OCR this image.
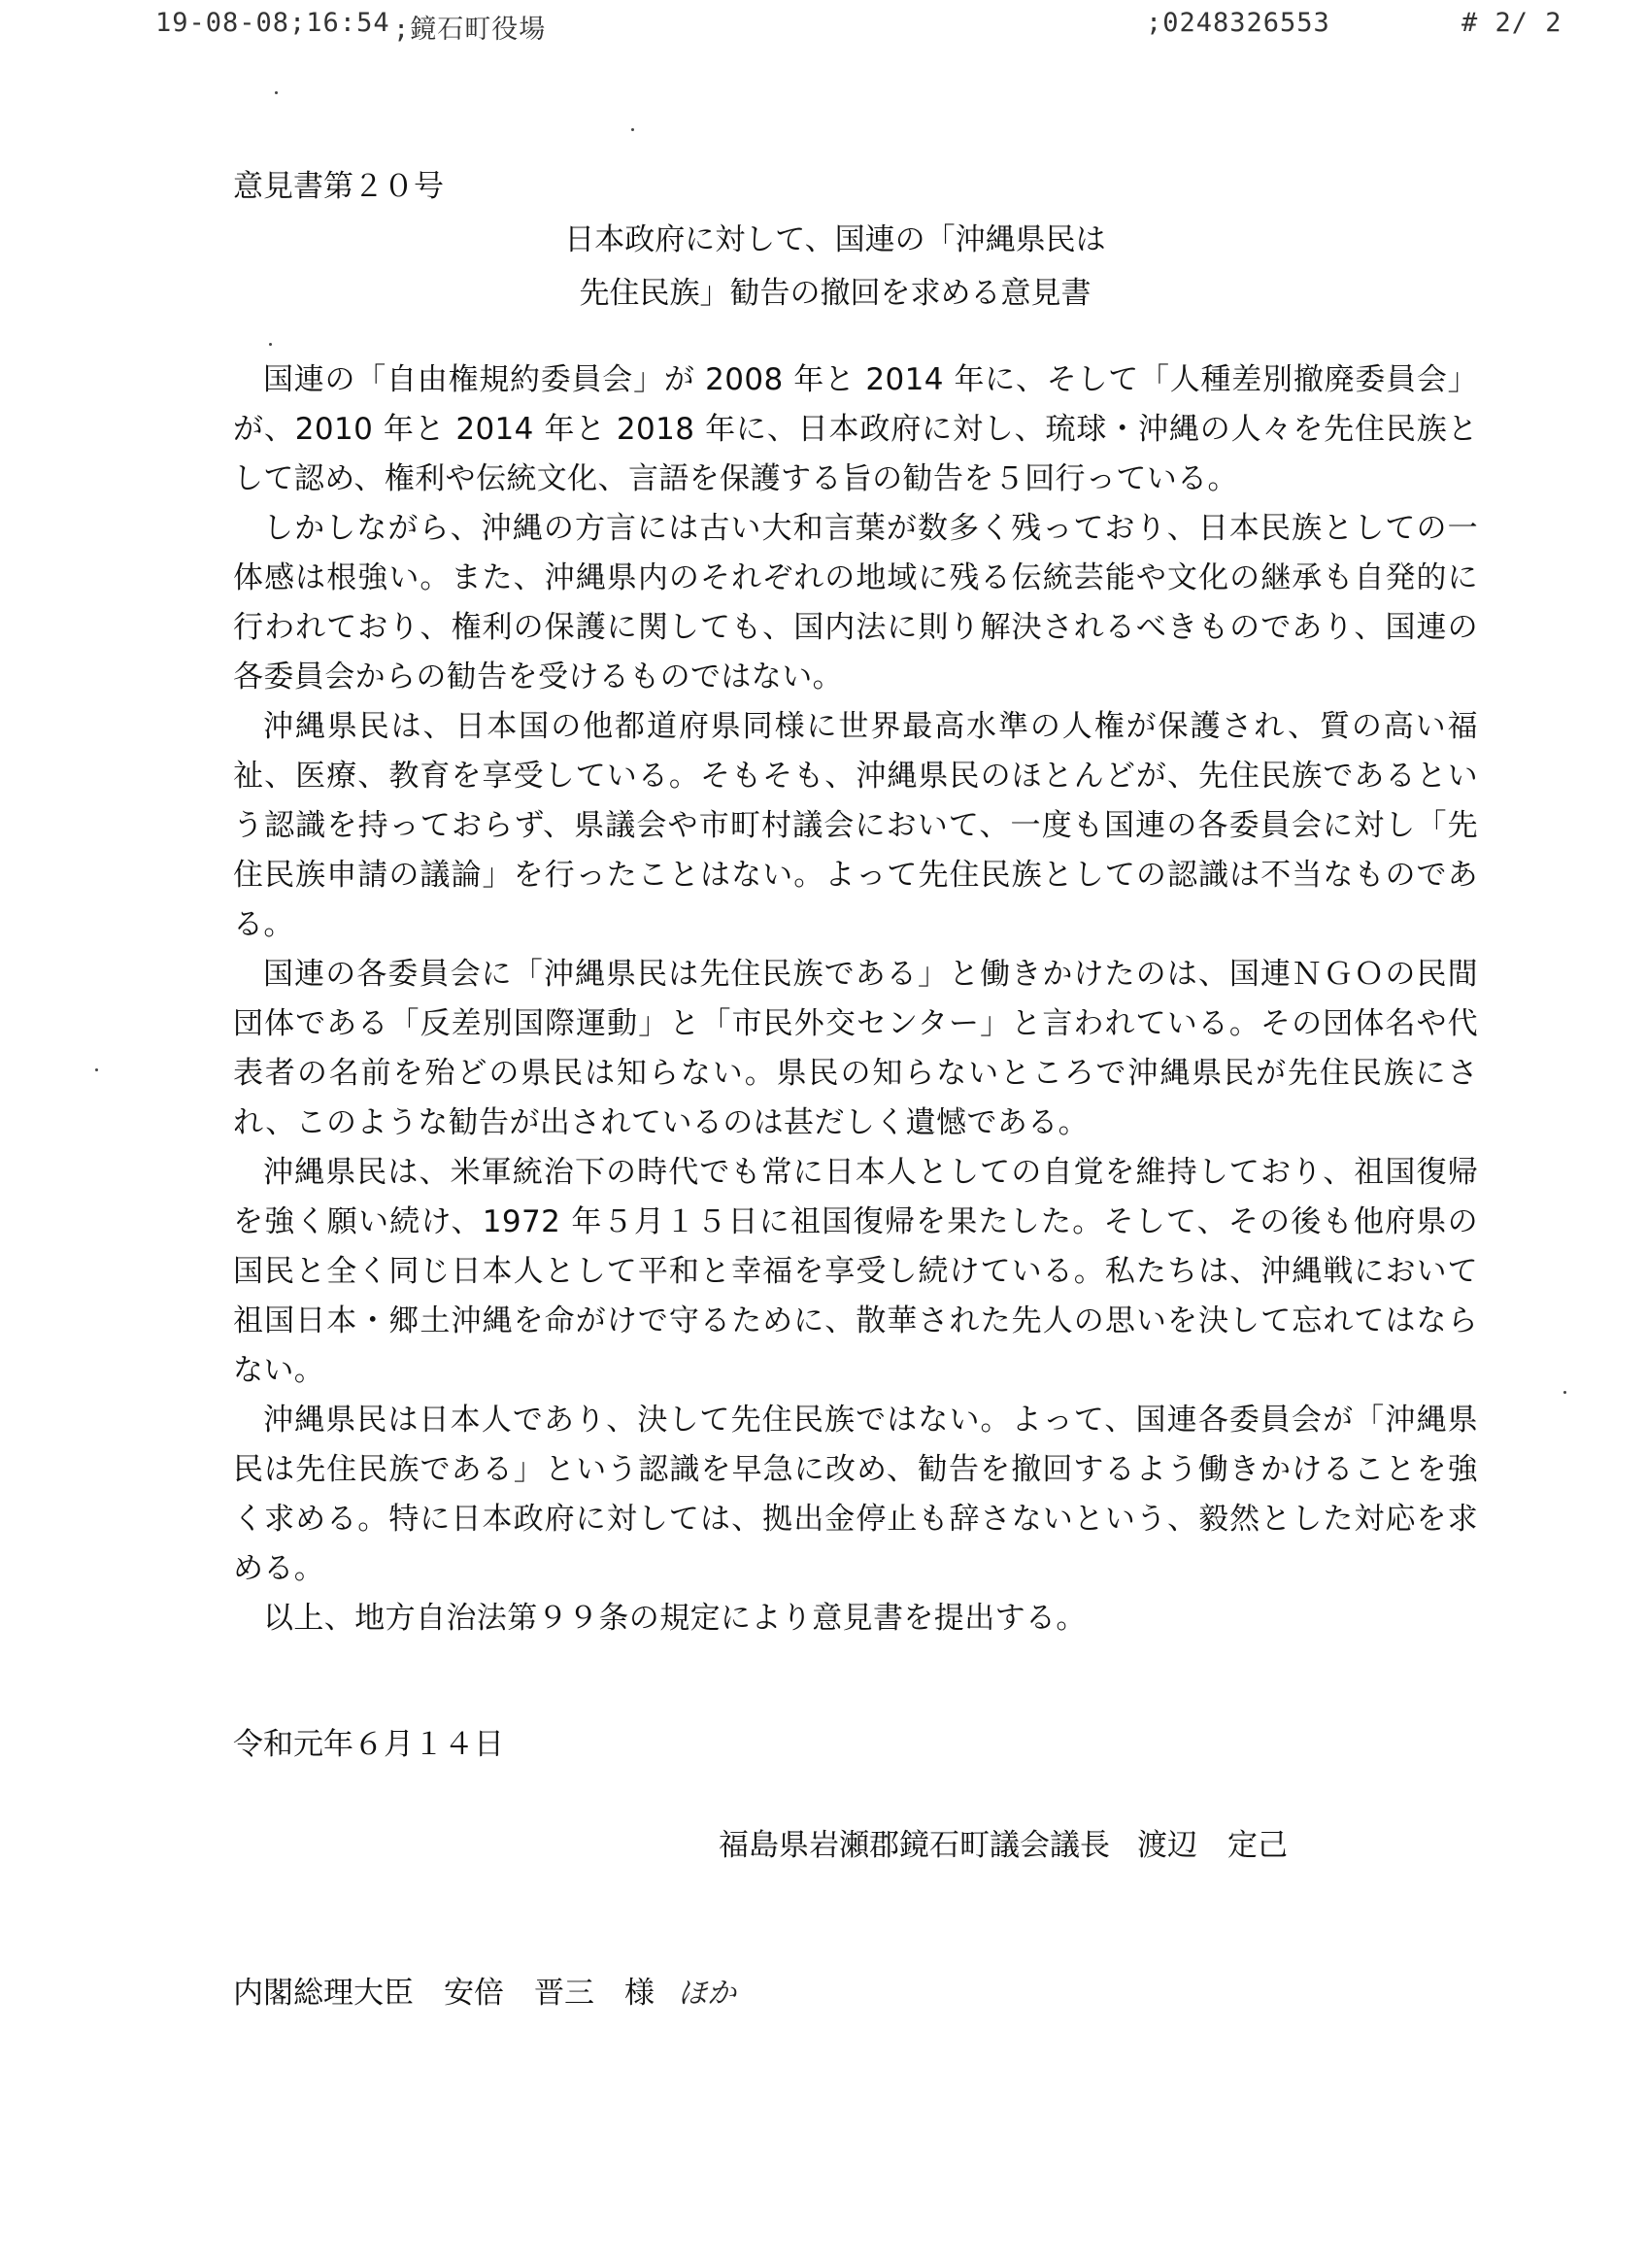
19-08-08;16:54 ;鏡石町役場	;0248326553	# 2/ 2
意見書第２０号
日本政府に対して、国連の「沖縄県民は
先住民族」勧告の撤回を求める意見書

国連の「自由権規約委員会」が 2008 年と 2014 年に、そして「人種差別撤廃委員会」が、2010 年と 2014 年と 2018 年に、日本政府に対し、琉球・沖縄の人々を先住民族として認め、権利や伝統文化、言語を保護する旨の勧告を５回行っている。

しかしながら、沖縄の方言には古い大和言葉が数多く残っており、日本民族としての一体感は根強い。また、沖縄県内のそれぞれの地域に残る伝統芸能や文化の継承も自発的に行われており、権利の保護に関しても、国内法に則り解決されるべきものであり、国連の各委員会からの勧告を受けるものではない。

沖縄県民は、日本国の他都道府県同様に世界最高水準の人権が保護され、質の高い福祉、医療、教育を享受している。そもそも、沖縄県民のほとんどが、先住民族であるという認識を持っておらず、県議会や市町村議会において、一度も国連の各委員会に対し「先住民族申請の議論」を行ったことはない。よって先住民族としての認識は不当なものである。

国連の各委員会に「沖縄県民は先住民族である」と働きかけたのは、国連ＮＧＯの民間団体である「反差別国際運動」と「市民外交センター」と言われている。その団体名や代表者の名前を殆どの県民は知らない。県民の知らないところで沖縄県民が先住民族にされ、このような勧告が出されているのは甚だしく遺憾である。

沖縄県民は、米軍統治下の時代でも常に日本人としての自覚を維持しており、祖国復帰を強く願い続け、1972 年５月１５日に祖国復帰を果たした。そして、その後も他府県の国民と全く同じ日本人として平和と幸福を享受し続けている。私たちは、沖縄戦において祖国日本・郷土沖縄を命がけで守るために、散華された先人の思いを決して忘れてはならない。

沖縄県民は日本人であり、決して先住民族ではない。よって、国連各委員会が「沖縄県民は先住民族である」という認識を早急に改め、勧告を撤回するよう働きかけることを強く求める。特に日本政府に対しては、拠出金停止も辞さないという、毅然とした対応を求める。

以上、地方自治法第９９条の規定により意見書を提出する。

令和元年６月１４日
福島県岩瀬郡鏡石町議会議長 渡辺　定己
内閣総理大臣　安倍　晋三　様 ほか
